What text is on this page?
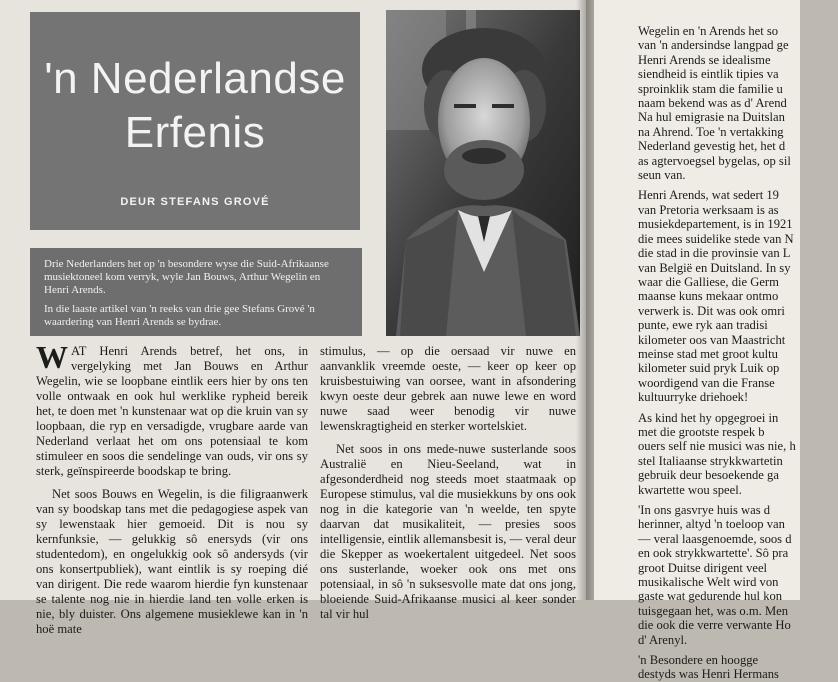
'n Nederlandse
Erfenis
DEUR STEFANS GROVÉ

Drie Nederlanders het op 'n besondere wyse die Suid-Afrikaanse musiektoneel kom verryk, wyle Jan Bouws, Arthur Wegelin en Henri Arends.

In die laaste artikel van 'n reeks van drie gee Stefans Grové 'n waardering van Henri Arends se bydrae.

WAT Henri Arends betref, het ons, in vergelyking met Jan Bouws en Arthur Wegelin, wie se loopbane eintlik eers hier by ons ten volle ontwaak en ook hul werklike rypheid bereik het, te doen met 'n kunstenaar wat op die kruin van sy loopbaan, die ryp en versadigde, vrugbare aarde van Nederland verlaat het om ons potensiaal te kom stimuleer en soos die sendelinge van ouds, vir ons sy sterk, geïnspireerde boodskap te bring.

Net soos Bouws en Wegelin, is die filigraanwerk van sy boodskap tans met die pedagogiese aspek van sy lewenstaak hier gemoeid. Dit is nou sy kernfunksie, — gelukkig sô enersyds (vir ons studentedom), en ongelukkig ook sô andersyds (vir ons konsertpubliek), want eintlik is sy roeping dié van dirigent. Die rede waarom hierdie fyn kunstenaar se talente nog nie in hierdie land ten volle erken is nie, bly duister. Ons algemene musieklewe kan in 'n hoë mate

stimulus, — op die oersaad vir nuwe en aanvanklik vreemde oeste, — keer op keer op kruisbestuiwing van oorsee, want in afsondering kwyn oeste deur gebrek aan nuwe lewe en word nuwe saad weer benodig vir nuwe lewenskragtigheid en sterker wortelskiet.

Net soos in ons mede-nuwe susterlande soos Australië en Nieu-Seeland, wat in afgesonderdheid nog steeds moet staatmaak op Europese stimulus, val die musiekkuns by ons ook nog in die kategorie van 'n weelde, ten spyte daarvan dat musikaliteit, — presies soos intelligensie, eintlik allemansbesit is, — veral deur die Skepper as woekertalent uitgedeel. Net soos ons susterlande, woeker ook ons met ons potensiaal, in sô 'n suksesvolle mate dat ons jong, bloeiende Suid-Afrikaanse musici al keer sonder tal vir hul

Wegelin en 'n Arends het so
van 'n andersindse langpad ge
Henri Arends se idealisme
siendheid is eintlik tipies va
sproinklik stam die familie u
naam bekend was as d' Arend
Na hul emigrasie na Duitslan
na Ahrend. Toe 'n vertakking
Nederland gevestig het, het d
as agtervoegsel bygelas, op sil
seun van.
Henri Arends, wat sedert 19
van Pretoria werksaam is as
musiekdepartement, is in 1921
die mees suidelike stede van N
die stad in die provinsie van L
van België en Duitsland. In sy
waar die Galliese, die Germ
maanse kuns mekaar ontmo
verwerk is. Dit was ook omri
punte, ewe ryk aan tradisi
kilometer oos van Maastricht
meinse stad met groot kultu
kilometer suid pryk Luik op
woordigend van die Franse
kultuurryke driehoek!
As kind het hy opgegroei in
met die grootste respek b
ouers self nie musici was nie, h
stel Italiaanse strykkwartetin
gebruik deur besoekende ga
kwartette wou speel.
'In ons gasvrye huis was d
herinner, altyd 'n toeloop van
— veral laasgenoemde, soos d
en ook strykkwartette'. Sô pra
groot Duitse dirigent veel
musikalische Welt wird von
gaste wat gedurende hul kon
tuisgegaan het, was o.m. Men
die ook die verre verwante Ho
d' Arenyl.
'n Besondere en hoogge
destyds was Henri Hermans
